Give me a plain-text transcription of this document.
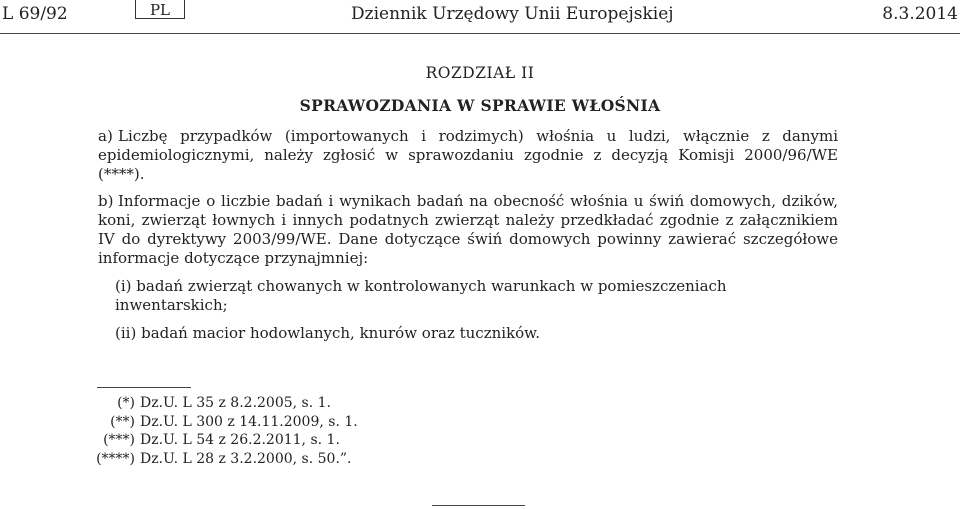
L 69/92	PL	Dziennik Urzędowy Unii Europejskiej	8.3.2014
ROZDZIAŁ II
SPRAWOZDANIA W SPRAWIE WŁOŚNIA
a) Liczbę przypadków (importowanych i rodzimych) włośnia u ludzi, włącznie z danymi epidemiologicznymi, należy zgłosić w sprawozdaniu zgodnie z decyzją Komisji 2000/96/WE (****).
b) Informacje o liczbie badań i wynikach badań na obecność włośnia u świń domowych, dzików, koni, zwierząt łownych i innych podatnych zwierząt należy przedkładać zgodnie z załącznikiem IV do dyrektywy 2003/99/WE. Dane dotyczące świń domowych powinny zawierać szczegółowe informacje dotyczące przynajmniej:
(i) badań zwierząt chowanych w kontrolowanych warunkach w pomieszczeniach inwentarskich;
(ii) badań macior hodowlanych, knurów oraz tuczników.
(*) Dz.U. L 35 z 8.2.2005, s. 1.
(**) Dz.U. L 300 z 14.11.2009, s. 1.
(***) Dz.U. L 54 z 26.2.2011, s. 1.
(****) Dz.U. L 28 z 3.2.2000, s. 50.”.
